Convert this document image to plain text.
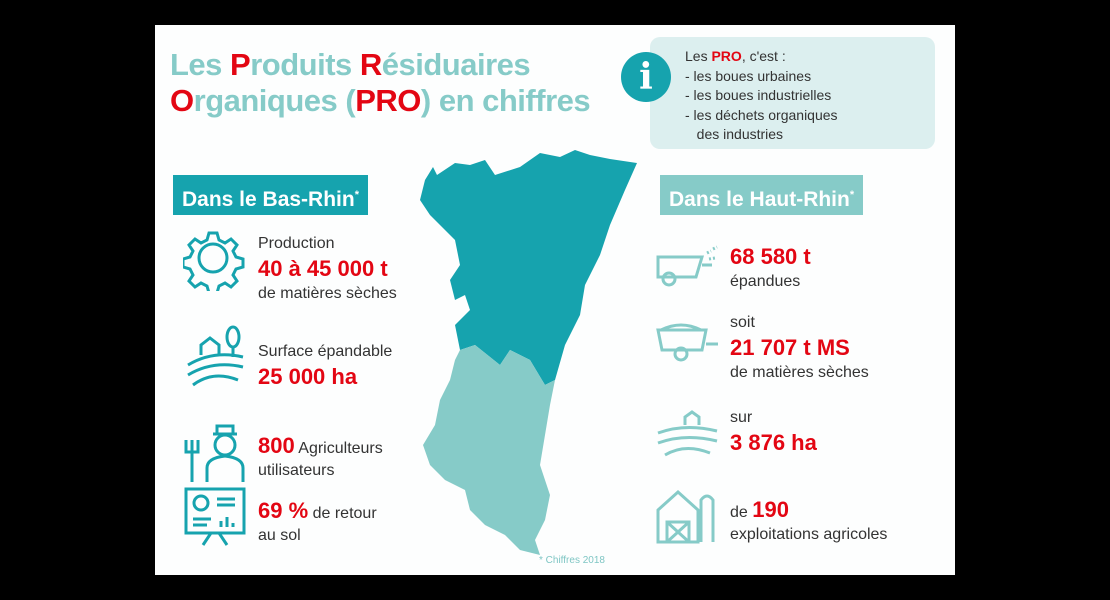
Les Produits Résiduaires
Organiques (PRO) en chiffres
i	Les PRO, c'est :
- les boues urbaines
- les boues industrielles
- les déchets organiques
des industries
Dans le Bas-Rhin*	Dans le Haut-Rhin*
Production
40 à 45 000 t
de matières sèches
Surface épandable
25 000 ha
800 Agriculteurs
utilisateurs
69 % de retour
au sol
68 580 t
épandues
soit
21 707 t MS
de matières sèches
sur
3 876 ha
de 190
exploitations agricoles
* Chiffres 2018
